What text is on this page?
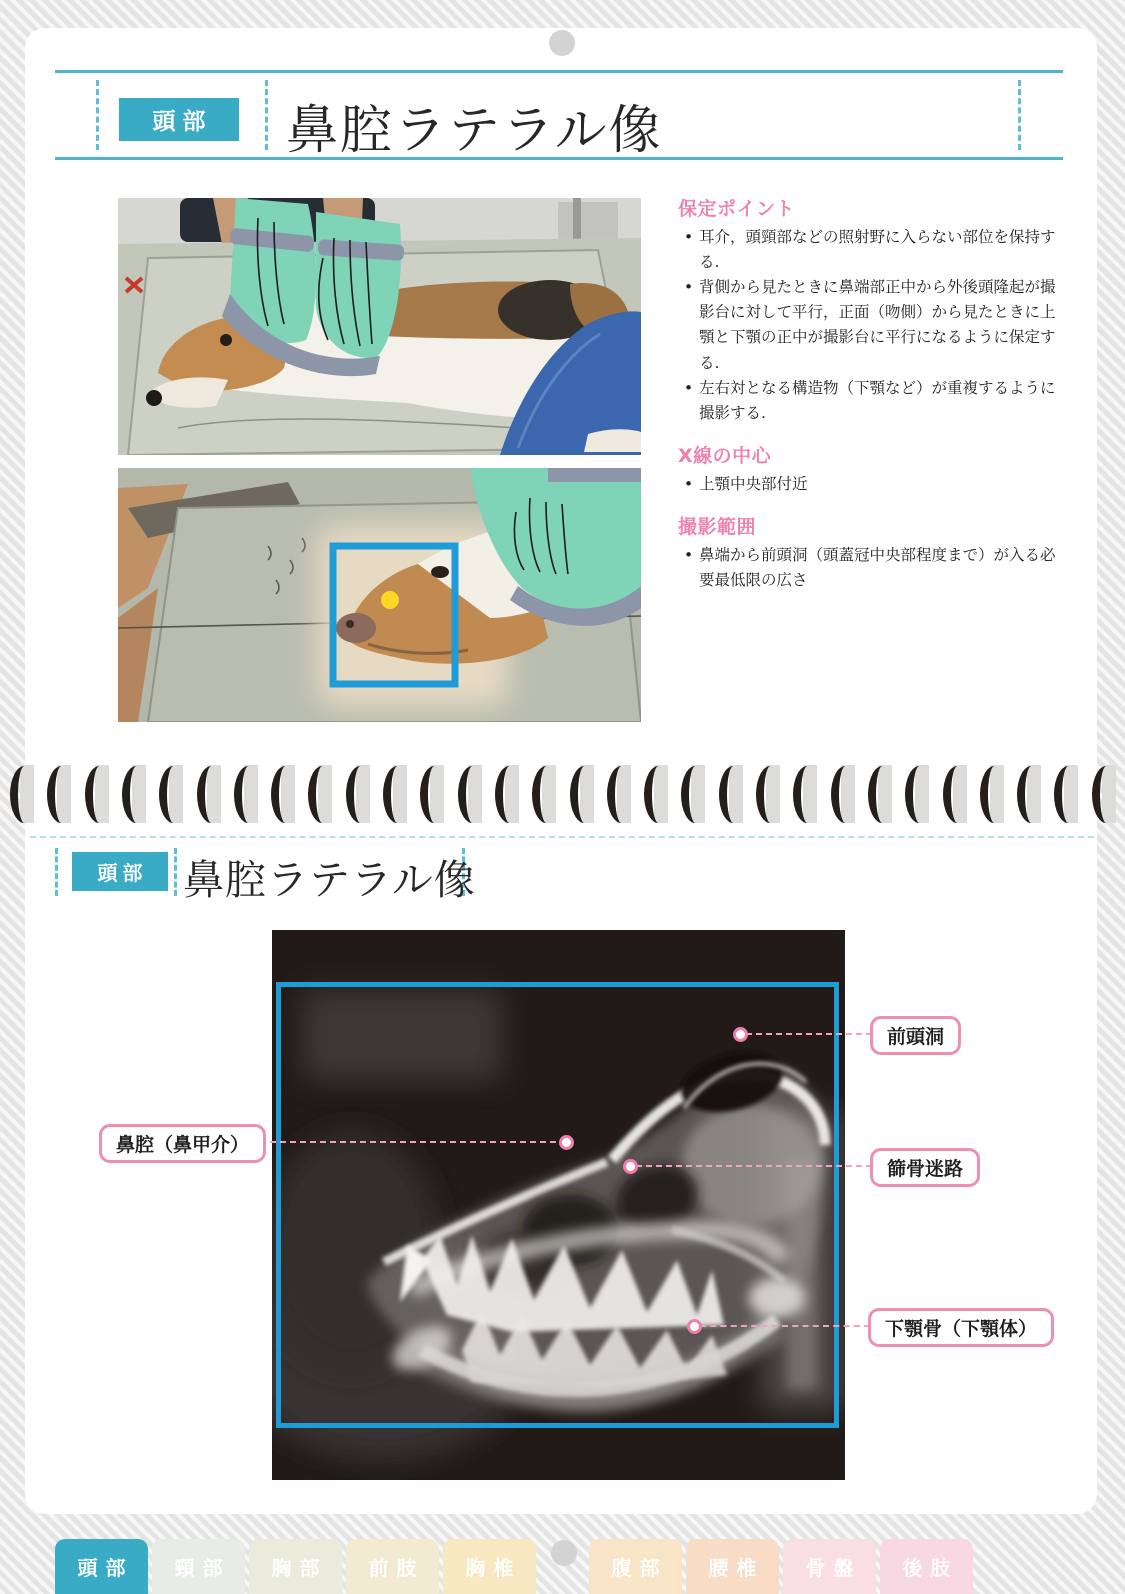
頭部	鼻腔ラテラル像

保定ポイント

• 耳介，頭頸部などの照射野に入らない部位を保持する.
• 背側から見たときに鼻端部正中から外後頭隆起が撮影台に対して平行，正面（吻側）から見たときに上顎と下顎の正中が撮影台に平行になるように保定する.
• 左右対となる構造物（下顎など）が重複するように撮影する.

X線の中心

• 上顎中央部付近

撮影範囲

• 鼻端から前頭洞（頭蓋冠中央部程度まで）が入る必要最低限の広さ
頭部 鼻腔ラテラル像
前頭洞
鼻腔（鼻甲介）
篩骨迷路
下顎骨（下顎体）
頭部	頸部	胸部	前肢	胸椎	腹部	腰椎	骨盤	後肢
